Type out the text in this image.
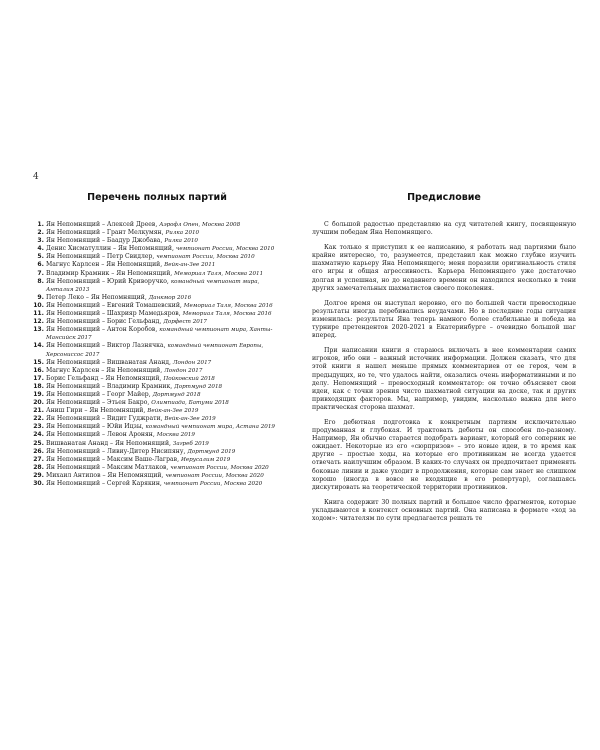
4
Перечень полных партий
1 . Ян Непомнящий – Алексей Дреев, Аэрофл Опен, Москва 2008
2 . Ян Непомнящий – Грант Мелкумян, Рилка 2010
3 . Ян Непомнящий – Баадур Джобава, Рилка 2010
4 . Денис Хисматуллин – Ян Непомнящий, чемпионат России, Москва 2010
5 . Ян Непомнящий – Петр Свидлер, чемпионат России, Москва 2010
6 . Магнус Карлсен – Ян Непомнящий, Вейк-ан-Зее 2011
7 . Владимир Крамник – Ян Непомнящий, Мемориал Таля, Москва 2011
8 . Ян Непомнящий – Юрий Криворучко, командный чемпионат мира, Анталия 2013
9 . Петер Леко – Ян Непомнящий, Данкмор 2016
10 . Ян Непомнящий – Евгений Томашевский, Мемориал Таля, Москва 2016
11 . Ян Непомнящий – Шахрияр Мамедьяров, Мемориал Таля, Москва 2016
12 . Ян Непомнящий – Борис Гельфанд, Дорфест 2017
13 . Ян Непомнящий – Антон Коробов, командный чемпионат мира, Ханты-Мансийск 2017
14 . Ян Непомнящий – Виктор Лазнячка, командный чемпионат Европы, Херсониссос 2017
15 . Ян Непомнящий – Вишванатан Ананд, Лондон 2017
16 . Магнус Карлсен – Ян Непомнящий, Лондон 2017
17 . Борис Гельфанд – Ян Непомнящий, Пойковский 2018
18 . Ян Непомнящий – Владимир Крамник, Дортмунд 2018
19 . Ян Непомнящий – Георг Майер, Дортмунд 2018
20 . Ян Непомнящий – Этьен Бакро, Олимпиада, Батуми 2018
21 . Аниш Гири – Ян Непомнящий, Вейк-ан-Зее 2019
22 . Ян Непомнящий – Видит Гуджрати, Вейк-ан-Зее 2019
23 . Ян Непомнящий – Юйи Ицзы, командный чемпионат мира, Астана 2019
24 . Ян Непомнящий – Левон Аронян, Москва 2019
25 . Вишванатан Ананд – Ян Непомнящий, Загреб 2019
26 . Ян Непомнящий – Ливиу-Дитер Нисипяну, Дортмунд 2019
27 . Ян Непомнящий – Максим Ваше-Лаграв, Иерусалим 2019
28 . Ян Непомнящий – Максим Матлаков, чемпионат России, Москва 2020
29 . Михаил Антипов – Ян Непомнящий, чемпионат России, Москва 2020
30 . Ян Непомнящий – Сергей Карякин, чемпионат России, Москва 2020
Предисловие

С большой радостью представляю на суд читателей книгу, посвященную лучшим победам Яна Непомнящего.

Как только я приступил к ее написанию, я работать над партиями было крайне интересно, то, разумеется, представил как можно глубже изучить шахматную карьеру Яна Непомнящего; меня поразили оригинальность стиля его игры и общая агрессивность. Карьера Непомнящего уже достаточно долгая и успешная, но до недавнего времени он находился несколько в тени других замечательных шахматистов своего поколения.

Долгое время он выступал неровно, его по большей части превосходные результаты иногда перебивались неудачами. Но в последние годы ситуация изменилась: результаты Яна теперь намного более стабильные и победа на турнире претендентов 2020-2021 в Екатеринбурге – очевидно большой шаг вперед.

При написании книги я стараюсь включать в нее комментарии самих игроков, ибо они – важный источник информации. Должен сказать, что для этой книги я нашел меньше прямых комментариев от ее героя, чем в предыдущих, но те, что удалось найти, оказались очень информативными и по делу. Непомнящий – превосходный комментатор: он точно объясняет свои идеи, как с точки зрения чисто шахматной ситуации на доске, так и других привходящих факторов. Мы, например, увидим, насколько важна для него практическая сторона шахмат.

Его дебютная подготовка к конкретным партиям исключительно продуманная и глубокая. И трактовать дебюты он способен по-разному. Например, Ян обычно старается подобрать вариант, который его соперник не ожидает. Некоторые из его «сюрпризов» – это новые идеи, в то время как другие – простые ходы, на которые его противникам не всегда удается отвечать наилучшим образом. В каких-то случаях он предпочитает применять боковые линии и даже уходит в продолжения, которые сам знает не слишком хорошо (иногда в вовсе не входящие в его репертуар), соглашаясь дискутировать на теоретической территории противников.

Книга содержит 30 полных партий и большое число фрагментов, которые укладываются в контекст основных партий. Она написана в формате «ход за ходом»: читателям по сути предлагается решать те
